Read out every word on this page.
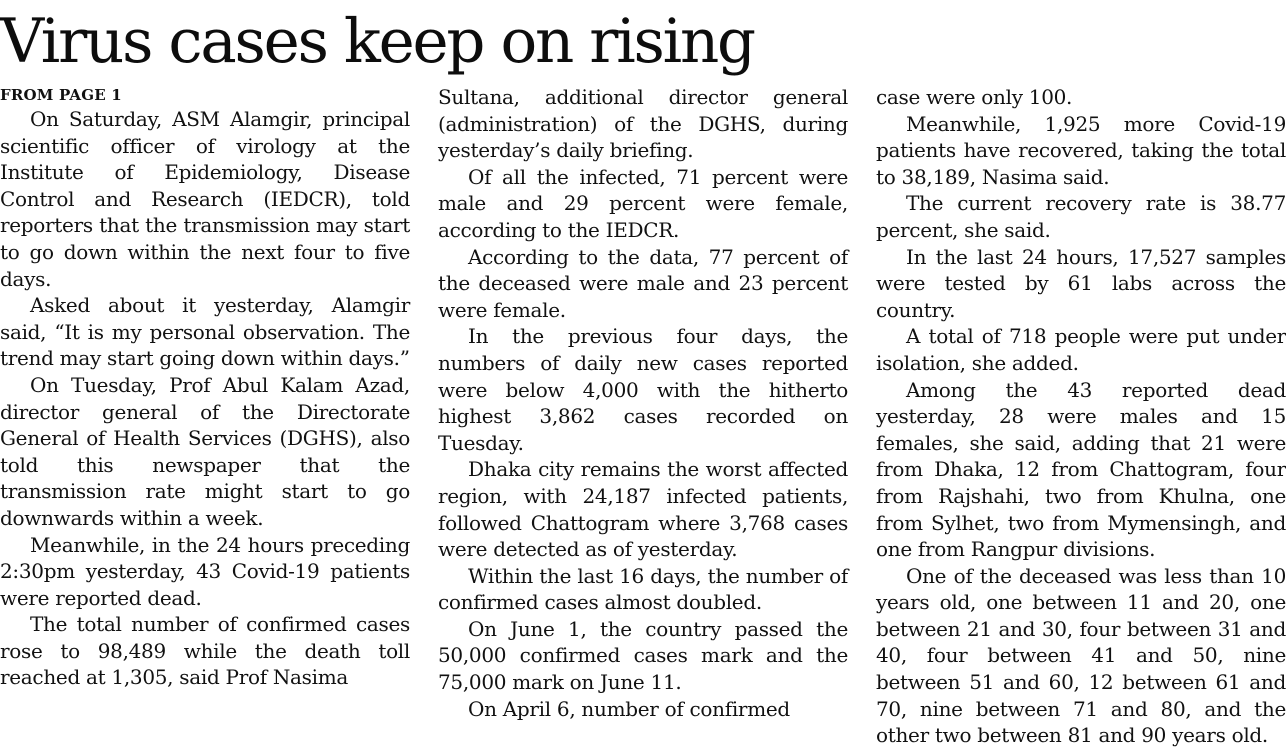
Virus cases keep on rising

FROM PAGE 1

On Saturday, ASM Alamgir, principal scientific officer of virology at the Institute of Epidemiology, Disease Control and Research (IEDCR), told reporters that the transmission may start to go down within the next four to five days.

Asked about it yesterday, Alamgir said, “It is my personal observation. The trend may start going down within days.”

On Tuesday, Prof Abul Kalam Azad, director general of the Directorate General of Health Services (DGHS), also told this newspaper that the transmission rate might start to go downwards within a week.

Meanwhile, in the 24 hours preceding 2:30pm yesterday, 43 Covid-19 patients were reported dead.

The total number of confirmed cases rose to 98,489 while the death toll reached at 1,305, said Prof Nasima

Sultana, additional director general (administration) of the DGHS, during yesterday’s daily briefing.

Of all the infected, 71 percent were male and 29 percent were female, according to the IEDCR.

According to the data, 77 percent of the deceased were male and 23 percent were female.

In the previous four days, the numbers of daily new cases reported were below 4,000 with the hitherto highest 3,862 cases recorded on Tuesday.

Dhaka city remains the worst affected region, with 24,187 infected patients, followed Chattogram where 3,768 cases were detected as of yesterday.

Within the last 16 days, the number of confirmed cases almost doubled.

On June 1, the country passed the 50,000 confirmed cases mark and the 75,000 mark on June 11.

On April 6, number of confirmed

case were only 100.

Meanwhile, 1,925 more Covid-19 patients have recovered, taking the total to 38,189, Nasima said.

The current recovery rate is 38.77 percent, she said.

In the last 24 hours, 17,527 samples were tested by 61 labs across the country.

A total of 718 people were put under isolation, she added.

Among the 43 reported dead yesterday, 28 were males and 15 females, she said, adding that 21 were from Dhaka, 12 from Chattogram, four from Rajshahi, two from Khulna, one from Sylhet, two from Mymensingh, and one from Rangpur divisions.

One of the deceased was less than 10 years old, one between 11 and 20, one between 21 and 30, four between 31 and 40, four between 41 and 50, nine between 51 and 60, 12 between 61 and 70, nine between 71 and 80, and the other two between 81 and 90 years old.
